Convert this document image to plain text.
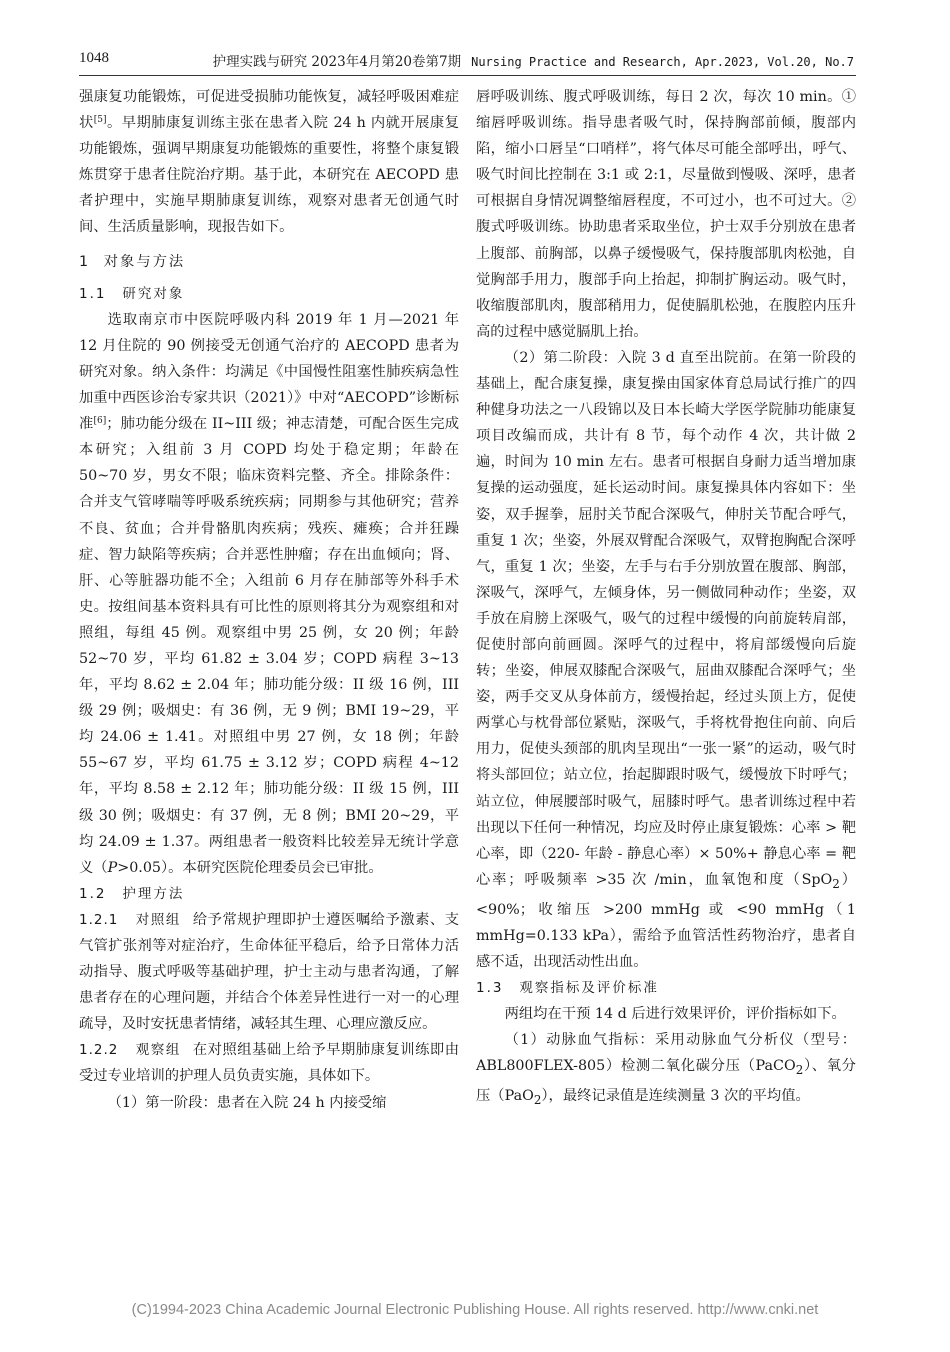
1048	护理实践与研究 2023年4月第20卷第7期 Nursing Practice and Research, Apr.2023, Vol.20, No.7

强康复功能锻炼，可促进受损肺功能恢复，减轻呼吸困难症状[5]。早期肺康复训练主张在患者入院 24 h 内就开展康复功能锻炼，强调早期康复功能锻炼的重要性，将整个康复锻炼贯穿于患者住院治疗期。基于此，本研究在 AECOPD 患者护理中，实施早期肺康复训练，观察对患者无创通气时间、生活质量影响，现报告如下。

1 对象与方法

1.1 研究对象

选取南京市中医院呼吸内科 2019 年 1 月—2021 年 12 月住院的 90 例接受无创通气治疗的 AECOPD 患者为研究对象。纳入条件：均满足《中国慢性阻塞性肺疾病急性加重中西医诊治专家共识（2021）》中对“AECOPD”诊断标准[6]；肺功能分级在 II~III 级；神志清楚，可配合医生完成本研究；入组前 3 月 COPD 均处于稳定期；年龄在 50~70 岁，男女不限；临床资料完整、齐全。排除条件：合并支气管哮喘等呼吸系统疾病；同期参与其他研究；营养不良、贫血；合并骨骼肌肉疾病；残疾、瘫痪；合并狂躁症、智力缺陷等疾病；合并恶性肿瘤；存在出血倾向；肾、肝、心等脏器功能不全；入组前 6 月存在肺部等外科手术史。按组间基本资料具有可比性的原则将其分为观察组和对照组，每组 45 例。观察组中男 25 例，女 20 例；年龄 52~70 岁，平均 61.82 ± 3.04 岁；COPD 病程 3~13 年，平均 8.62 ± 2.04 年；肺功能分级：II 级 16 例，III 级 29 例；吸烟史：有 36 例，无 9 例；BMI 19~29，平均 24.06 ± 1.41。对照组中男 27 例，女 18 例；年龄 55~67 岁，平均 61.75 ± 3.12 岁；COPD 病程 4~12 年，平均 8.58 ± 2.12 年；肺功能分级：II 级 15 例，III 级 30 例；吸烟史：有 37 例，无 8 例；BMI 20~29，平均 24.09 ± 1.37。两组患者一般资料比较差异无统计学意义（P>0.05）。本研究医院伦理委员会已审批。

1.2 护理方法

1.2.1 对照组 给予常规护理即护士遵医嘱给予激素、支气管扩张剂等对症治疗，生命体征平稳后，给予日常体力活动指导、腹式呼吸等基础护理，护士主动与患者沟通，了解患者存在的心理问题，并结合个体差异性进行一对一的心理疏导，及时安抚患者情绪，减轻其生理、心理应激反应。

1.2.2 观察组 在对照组基础上给予早期肺康复训练即由受过专业培训的护理人员负责实施，具体如下。

（1）第一阶段：患者在入院 24 h 内接受缩

唇呼吸训练、腹式呼吸训练，每日 2 次，每次 10 min。①缩唇呼吸训练。指导患者吸气时，保持胸部前倾，腹部内陷，缩小口唇呈“口哨样”，将气体尽可能全部呼出，呼气、吸气时间比控制在 3:1 或 2:1，尽量做到慢吸、深呼，患者可根据自身情况调整缩唇程度，不可过小，也不可过大。②腹式呼吸训练。协助患者采取坐位，护士双手分别放在患者上腹部、前胸部，以鼻子缓慢吸气，保持腹部肌肉松弛，自觉胸部手用力，腹部手向上抬起，抑制扩胸运动。吸气时，收缩腹部肌肉，腹部稍用力，促使膈肌松弛，在腹腔内压升高的过程中感觉膈肌上抬。

（2）第二阶段：入院 3 d 直至出院前。在第一阶段的基础上，配合康复操，康复操由国家体育总局试行推广的四种健身功法之一八段锦以及日本长崎大学医学院肺功能康复项目改编而成，共计有 8 节，每个动作 4 次，共计做 2 遍，时间为 10 min 左右。患者可根据自身耐力适当增加康复操的运动强度，延长运动时间。康复操具体内容如下：坐姿，双手握拳，屈肘关节配合深吸气，伸肘关节配合呼气，重复 1 次；坐姿，外展双臂配合深吸气，双臂抱胸配合深呼气，重复 1 次；坐姿，左手与右手分别放置在腹部、胸部，深吸气，深呼气，左倾身体，另一侧做同种动作；坐姿，双手放在肩膀上深吸气，吸气的过程中缓慢的向前旋转肩部，促使肘部向前画圆。深呼气的过程中，将肩部缓慢向后旋转；坐姿，伸展双膝配合深吸气，屈曲双膝配合深呼气；坐姿，两手交叉从身体前方，缓慢抬起，经过头顶上方，促使两掌心与枕骨部位紧贴，深吸气，手将枕骨抱住向前、向后用力，促使头颈部的肌肉呈现出“一张一紧”的运动，吸气时将头部回位；站立位，抬起脚跟时吸气，缓慢放下时呼气；站立位，伸展腰部时吸气，屈膝时呼气。患者训练过程中若出现以下任何一种情况，均应及时停止康复锻炼：心率 > 靶心率，即（220- 年龄 - 静息心率）× 50%+ 静息心率 = 靶心率；呼吸频率 >35 次 /min，血氧饱和度（SpO$_2$）<90%；收缩压 >200 mmHg 或 <90 mmHg（1 mmHg=0.133 kPa），需给予血管活性药物治疗，患者自感不适，出现活动性出血。

1.3 观察指标及评价标准

两组均在干预 14 d 后进行效果评价，评价指标如下。

（1）动脉血气指标：采用动脉血气分析仪（型号：ABL800FLEX-805）检测二氧化碳分压（PaCO$_2$）、氧分压（PaO$_2$），最终记录值是连续测量 3 次的平均值。

(C)1994-2023 China Academic Journal Electronic Publishing House. All rights reserved. http://www.cnki.net
